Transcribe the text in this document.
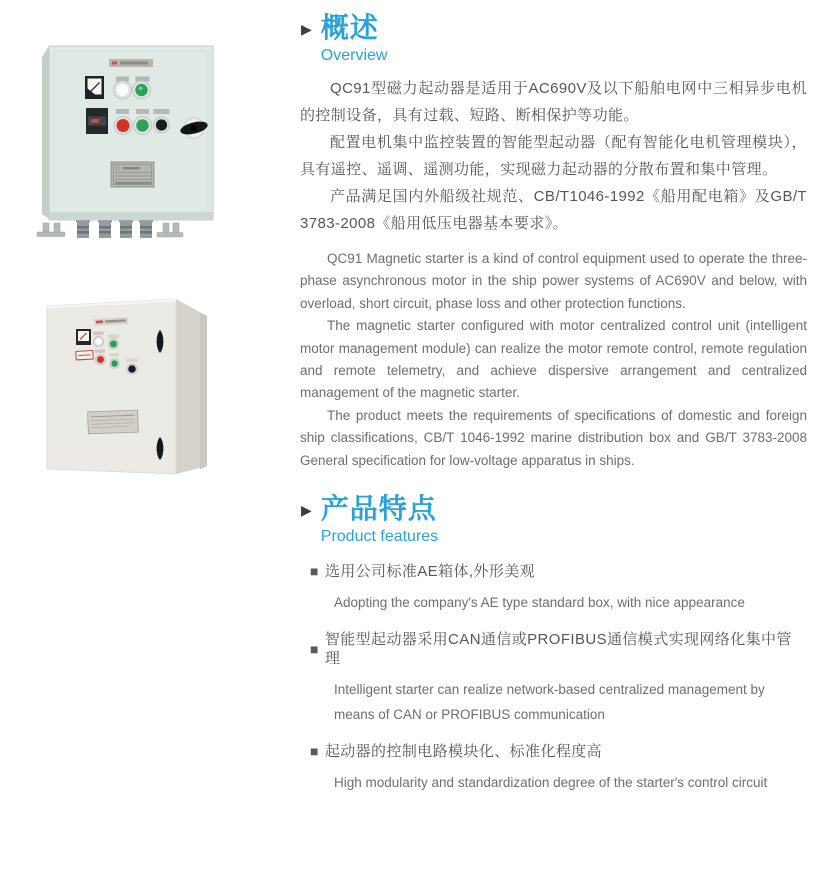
▶ 概述
Overview

QC91型磁力起动器是适用于AC690V及以下船舶电网中三相异步电机的控制设备，具有过载、短路、断相保护等功能。

配置电机集中监控装置的智能型起动器（配有智能化电机管理模块），具有遥控、遥调、遥测功能，实现磁力起动器的分散布置和集中管理。

产品满足国内外船级社规范、CB/T1046-1992《船用配电箱》及GB/T 3783-2008《船用低压电器基本要求》。

QC91 Magnetic starter is a kind of control equipment used to operate the three-phase asynchronous motor in the ship power systems of AC690V and below, with overload, short circuit, phase loss and other protection functions.

The magnetic starter configured with motor centralized control unit (intelligent motor management module) can realize the motor remote control, remote regulation and remote telemetry, and achieve dispersive arrangement and centralized management of the magnetic starter.

The product meets the requirements of specifications of domestic and foreign ship classifications, CB/T 1046-1992 marine distribution box and GB/T 3783-2008 General specification for low-voltage apparatus in ships.

▶ 产品特点
Product features
■ 选用公司标准AE箱体,外形美观
Adopting the company's AE type standard box, with nice appearance
■
智能型起动器采用CAN通信或PROFIBUS通信模式实现网络化集中管理
Intelligent starter can realize network-based centralized management by means of CAN or PROFIBUS communication
■ 起动器的控制电路模块化、标准化程度高
High modularity and standardization degree of the starter's control circuit
